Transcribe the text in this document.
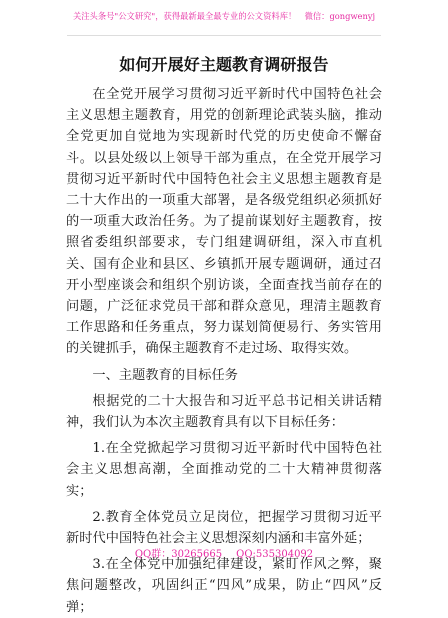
关注头条号"公文研究"，获得最新最全最专业的公文资料库！　微信：gongwenyj
如何开展好主题教育调研报告

在全党开展学习贯彻习近平新时代中国特色社会主义思想主题教育，用党的创新理论武装头脑，推动全党更加自觉地为实现新时代党的历史使命不懈奋斗。以县处级以上领导干部为重点，在全党开展学习贯彻习近平新时代中国特色社会主义思想主题教育是二十大作出的一项重大部署，是各级党组织必须抓好的一项重大政治任务。为了提前谋划好主题教育，按照省委组织部要求，专门组建调研组，深入市直机关、国有企业和县区、乡镇抓开展专题调研，通过召开小型座谈会和组织个别访谈，全面查找当前存在的问题，广泛征求党员干部和群众意见，理清主题教育工作思路和任务重点，努力谋划简便易行、务实管用的关键抓手，确保主题教育不走过场、取得实效。

一、主题教育的目标任务

根据党的二十大报告和习近平总书记相关讲话精神，我们认为本次主题教育具有以下目标任务：

1.在全党掀起学习贯彻习近平新时代中国特色社会主义思想高潮，全面推动党的二十大精神贯彻落实；

2.教育全体党员立足岗位，把握学习贯彻习近平新时代中国特色社会主义思想深刻内涵和丰富外延；

3.在全体党中加强纪律建设，紧盯作风之弊，聚焦问题整改，巩固纠正“四风”成果，防止“四风”反弹；

QQ群：30265665 QQ:535304092
